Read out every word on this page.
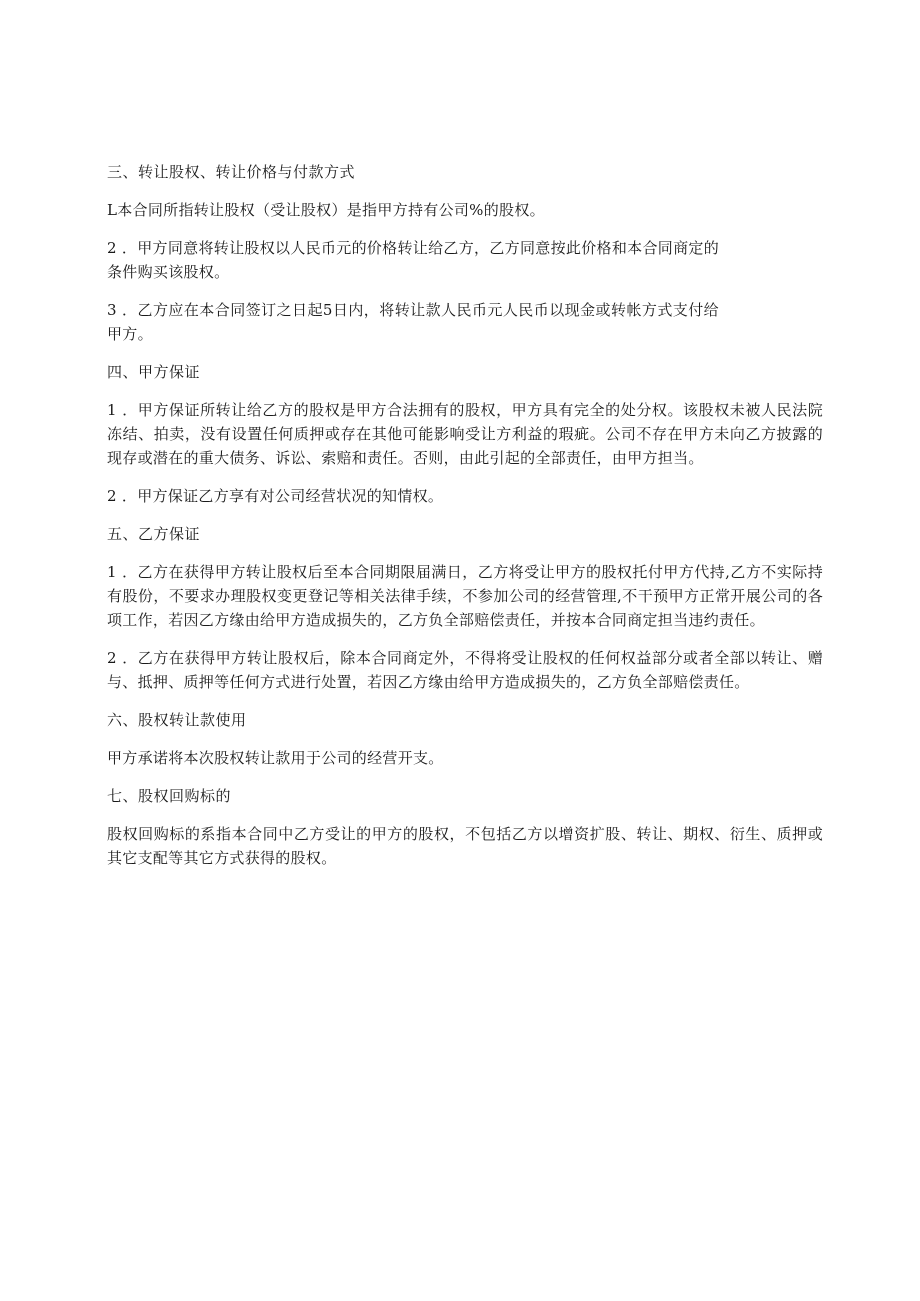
三、转让股权、转让价格与付款方式
L本合同所指转让股权（受让股权）是指甲方持有公司%的股权。
2 ．甲方同意将转让股权以人民币元的价格转让给乙方，乙方同意按此价格和本合同商定的条件购买该股权。
3 ．乙方应在本合同签订之日起5日内，将转让款人民币元人民币以现金或转帐方式支付给甲方。
四、甲方保证
1 ．甲方保证所转让给乙方的股权是甲方合法拥有的股权，甲方具有完全的处分权。该股权未被人民法院冻结、拍卖，没有设置任何质押或存在其他可能影响受让方利益的瑕疵。公司不存在甲方未向乙方披露的现存或潜在的重大债务、诉讼、索赔和责任。否则，由此引起的全部责任，由甲方担当。
2 ．甲方保证乙方享有对公司经营状况的知情权。
五、乙方保证
1 ．乙方在获得甲方转让股权后至本合同期限届满日，乙方将受让甲方的股权托付甲方代持,乙方不实际持有股份，不要求办理股权变更登记等相关法律手续，不参加公司的经营管理,不干预甲方正常开展公司的各项工作，若因乙方缘由给甲方造成损失的，乙方负全部赔偿责任，并按本合同商定担当违约责任。
2 ．乙方在获得甲方转让股权后，除本合同商定外，不得将受让股权的任何权益部分或者全部以转让、赠与、抵押、质押等任何方式进行处置，若因乙方缘由给甲方造成损失的，乙方负全部赔偿责任。
六、股权转让款使用
甲方承诺将本次股权转让款用于公司的经营开支。
七、股权回购标的
股权回购标的系指本合同中乙方受让的甲方的股权，不包括乙方以增资扩股、转让、期权、衍生、质押或其它支配等其它方式获得的股权。
